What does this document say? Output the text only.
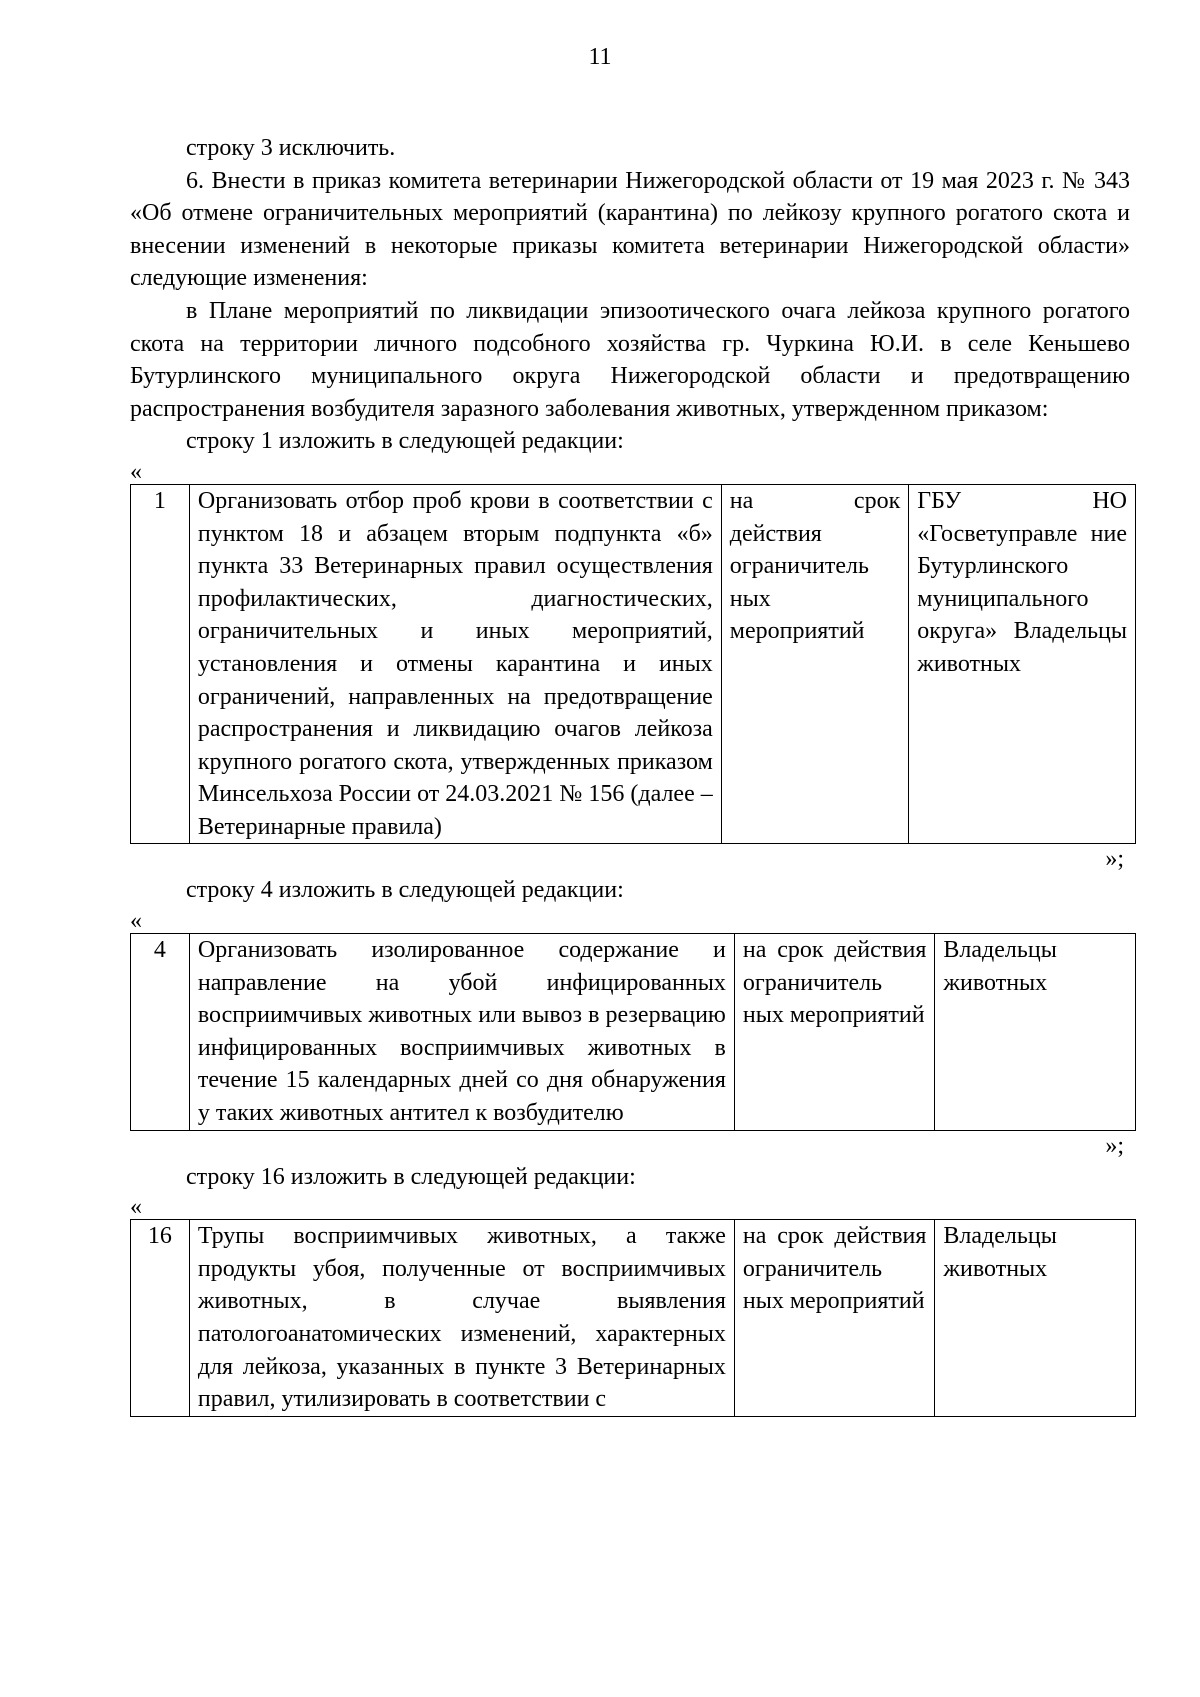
11

строку 3 исключить.

6. Внести в приказ комитета ветеринарии Нижегородской области от 19 мая 2023 г. № 343 «Об отмене ограничительных мероприятий (карантина) по лейкозу крупного рогатого скота и внесении изменений в некоторые приказы комитета ветеринарии Нижегородской области» следующие изменения:

в Плане мероприятий по ликвидации эпизоотического очага лейкоза крупного рогатого скота на территории личного подсобного хозяйства гр. Чуркина Ю.И. в селе Кеньшево Бутурлинского муниципального округа Нижегородской области и предотвращению распространения возбудителя заразного заболевания животных, утвержденном приказом:

строку 1 изложить в следующей редакции:

«
1	Организовать отбор проб крови в соответствии с пунктом 18 и абзацем вторым подпункта «б» пункта 33 Ветеринарных правил осуществления профилактических, диагностических, ограничительных и иных мероприятий, установления и отмены карантина и иных ограничений, направленных на предотвращение распространения и ликвидацию очагов лейкоза крупного рогатого скота, утвержденных приказом Минсельхоза России от 24.03.2021 № 156 (далее – Ветеринарные правила)	на срок действия ограничитель ных мероприятий	ГБУ НО «Госветуправле ние Бутурлинского муниципального округа» Владельцы животных
»;

строку 4 изложить в следующей редакции:

«
4	Организовать изолированное содержание и направление на убой инфицированных восприимчивых животных или вывоз в резервацию инфицированных восприимчивых животных в течение 15 календарных дней со дня обнаружения у таких животных антител к возбудителю	на срок действия ограничитель ных мероприятий	Владельцы животных
»;

строку 16 изложить в следующей редакции:

«
16	Трупы восприимчивых животных, а также продукты убоя, полученные от восприимчивых животных, в случае выявления патологоанатомических изменений, характерных для лейкоза, указанных в пункте 3 Ветеринарных правил, утилизировать в соответствии с	на срок действия ограничитель ных мероприятий	Владельцы животных
